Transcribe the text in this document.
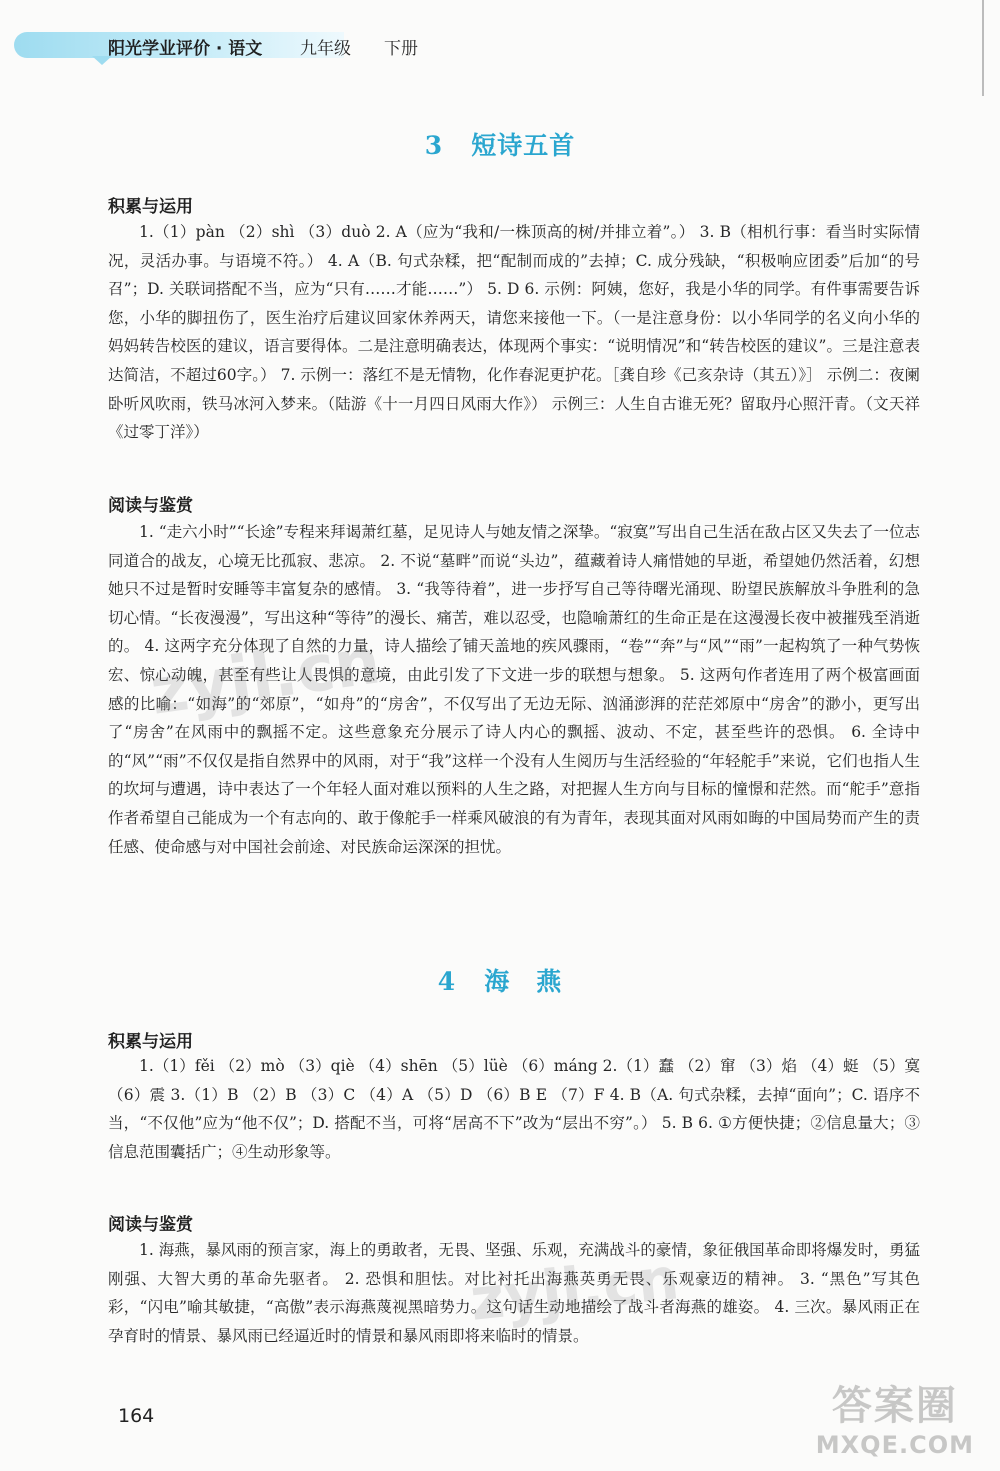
阳光学业评价 · 语文 九年级 下册
3 短诗五首
积累与运用

1.（1）pàn （2）shì （3）duò 2. A（应为“我和/一株顶高的树/并排立着”。） 3. B（相机行事：看当时实际情况，灵活办事。与语境不符。） 4. A（B. 句式杂糅，把“配制而成的”去掉；C. 成分残缺，“积极响应团委”后加“的号召”；D. 关联词搭配不当，应为“只有……才能……”） 5. D 6. 示例：阿姨，您好，我是小华的同学。有件事需要告诉您，小华的脚扭伤了，医生治疗后建议回家休养两天，请您来接他一下。（一是注意身份：以小华同学的名义向小华的妈妈转告校医的建议，语言要得体。二是注意明确表达，体现两个事实：“说明情况”和“转告校医的建议”。三是注意表达简洁，不超过60字。） 7. 示例一：落红不是无情物，化作春泥更护花。［龚自珍《己亥杂诗（其五）》］ 示例二：夜阑卧听风吹雨，铁马冰河入梦来。（陆游《十一月四日风雨大作》） 示例三：人生自古谁无死？留取丹心照汗青。（文天祥《过零丁洋》）

阅读与鉴赏

1. “走六小时”“长途”专程来拜谒萧红墓，足见诗人与她友情之深挚。“寂寞”写出自己生活在敌占区又失去了一位志同道合的战友，心境无比孤寂、悲凉。 2. 不说“墓畔”而说“头边”，蕴藏着诗人痛惜她的早逝，希望她仍然活着，幻想她只不过是暂时安睡等丰富复杂的感情。 3. “我等待着”，进一步抒写自己等待曙光涌现、盼望民族解放斗争胜利的急切心情。“长夜漫漫”，写出这种“等待”的漫长、痛苦，难以忍受，也隐喻萧红的生命正是在这漫漫长夜中被摧残至消逝的。 4. 这两字充分体现了自然的力量，诗人描绘了铺天盖地的疾风骤雨，“卷”“奔”与“风”“雨”一起构筑了一种气势恢宏、惊心动魄，甚至有些让人畏惧的意境，由此引发了下文进一步的联想与想象。 5. 这两句作者连用了两个极富画面感的比喻：“如海”的“郊原”，“如舟”的“房舍”，不仅写出了无边无际、汹涌澎湃的茫茫郊原中“房舍”的渺小，更写出了“房舍”在风雨中的飘摇不定。这些意象充分展示了诗人内心的飘摇、波动、不定，甚至些许的恐惧。 6. 全诗中的“风”“雨”不仅仅是指自然界中的风雨，对于“我”这样一个没有人生阅历与生活经验的“年轻舵手”来说，它们也指人生的坎坷与遭遇，诗中表达了一个年轻人面对难以预料的人生之路，对把握人生方向与目标的憧憬和茫然。而“舵手”意指作者希望自己能成为一个有志向的、敢于像舵手一样乘风破浪的有为青年，表现其面对风雨如晦的中国局势而产生的责任感、使命感与对中国社会前途、对民族命运深深的担忧。

4 海　燕
积累与运用

1.（1）fěi （2）mò （3）qiè （4）shēn （5）lüè （6）máng 2.（1）蠢 （2）窜 （3）焰 （4）蜓 （5）寞 （6）震 3.（1）B （2）B （3）C （4）A （5）D （6）B E （7）F 4. B（A. 句式杂糅，去掉“面向”；C. 语序不当，“不仅他”应为“他不仅”；D. 搭配不当，可将“居高不下”改为“层出不穷”。） 5. B 6. ①方便快捷；②信息量大；③信息范围囊括广；④生动形象等。

阅读与鉴赏

1. 海燕，暴风雨的预言家，海上的勇敢者，无畏、坚强、乐观，充满战斗的豪情，象征俄国革命即将爆发时，勇猛刚强、大智大勇的革命先驱者。 2. 恐惧和胆怯。对比衬托出海燕英勇无畏、乐观豪迈的精神。 3. “黑色”写其色彩，“闪电”喻其敏捷，“高傲”表示海燕蔑视黑暗势力。这句话生动地描绘了战斗者海燕的雄姿。 4. 三次。暴风雨正在孕育时的情景、暴风雨已经逼近时的情景和暴风雨即将来临时的情景。

164
zyjl.cn
zyjl.cn
答案圈
MXQE.COM
